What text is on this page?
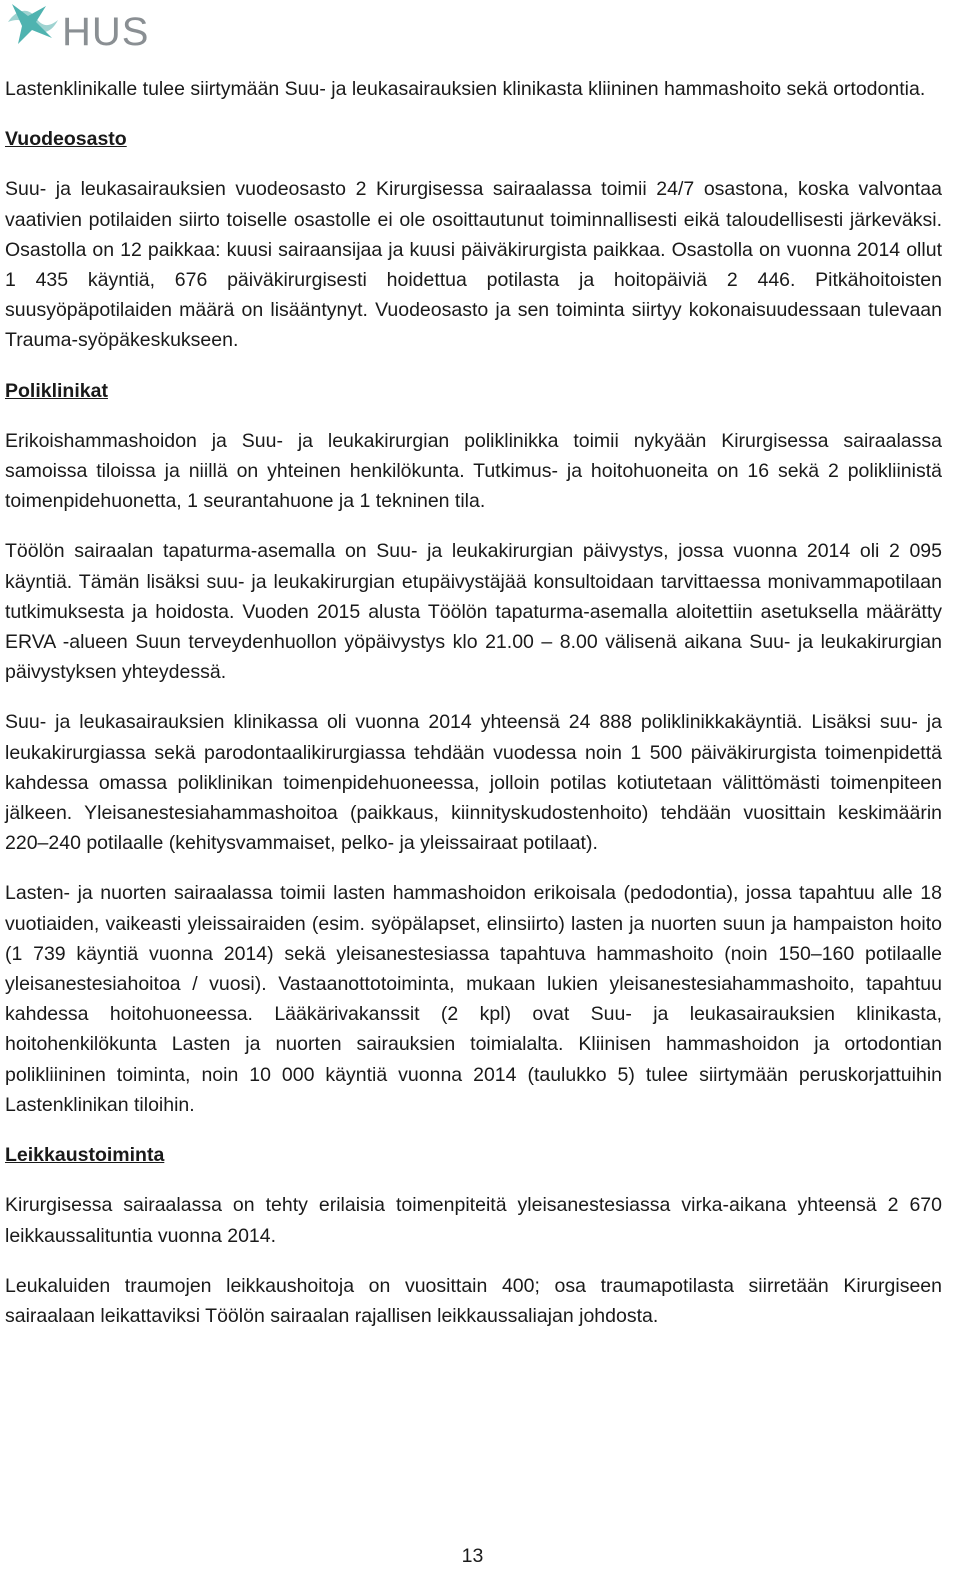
HUS

Lastenklinikalle tulee siirtymään Suu- ja leukasairauksien klinikasta kliininen hammashoito sekä ortodontia.

Vuodeosasto

Suu- ja leukasairauksien vuodeosasto 2 Kirurgisessa sairaalassa toimii 24/7 osastona, koska valvontaa vaativien potilaiden siirto toiselle osastolle ei ole osoittautunut toiminnallisesti eikä taloudellisesti järkeväksi. Osastolla on 12 paikkaa: kuusi sairaansijaa ja kuusi päiväkirurgista paikkaa. Osastolla on vuonna 2014 ollut 1 435 käyntiä, 676 päiväkirurgisesti hoidettua potilasta ja hoitopäiviä 2 446. Pitkähoitoisten suusyöpäpotilaiden määrä on lisääntynyt. Vuodeosasto ja sen toiminta siirtyy kokonaisuudessaan tulevaan Trauma-syöpäkeskukseen.

Poliklinikat

Erikoishammashoidon ja Suu- ja leukakirurgian poliklinikka toimii nykyään Kirurgisessa sairaalassa samoissa tiloissa ja niillä on yhteinen henkilökunta. Tutkimus- ja hoitohuoneita on 16 sekä 2 polikliinistä toimenpidehuonetta, 1 seurantahuone ja 1 tekninen tila.

Töölön sairaalan tapaturma-asemalla on Suu- ja leukakirurgian päivystys, jossa vuonna 2014 oli 2 095 käyntiä. Tämän lisäksi suu- ja leukakirurgian etupäivystäjää konsultoidaan tarvittaessa monivammapotilaan tutkimuksesta ja hoidosta. Vuoden 2015 alusta Töölön tapaturma-asemalla aloitettiin asetuksella määrätty ERVA -alueen Suun terveydenhuollon yöpäivystys klo 21.00 – 8.00 välisenä aikana Suu- ja leukakirurgian päivystyksen yhteydessä.

Suu- ja leukasairauksien klinikassa oli vuonna 2014 yhteensä 24 888 poliklinikkakäyntiä. Lisäksi suu- ja leukakirurgiassa sekä parodontaalikirurgiassa tehdään vuodessa noin 1 500 päiväkirurgista toimenpidettä kahdessa omassa poliklinikan toimenpidehuoneessa, jolloin potilas kotiutetaan välittömästi toimenpiteen jälkeen. Yleisanestesiahammashoitoa (paikkaus, kiinnityskudostenhoito) tehdään vuosittain keskimäärin 220–240 potilaalle (kehitysvammaiset, pelko- ja yleissairaat potilaat).

Lasten- ja nuorten sairaalassa toimii lasten hammashoidon erikoisala (pedodontia), jossa tapahtuu alle 18 vuotiaiden, vaikeasti yleissairaiden (esim. syöpälapset, elinsiirto) lasten ja nuorten suun ja hampaiston hoito (1 739 käyntiä vuonna 2014) sekä yleisanestesiassa tapahtuva hammashoito (noin 150–160 potilaalle yleisanestesiahoitoa / vuosi). Vastaanottotoiminta, mukaan lukien yleisanestesiahammashoito, tapahtuu kahdessa hoitohuoneessa. Lääkärivakanssit (2 kpl) ovat Suu- ja leukasairauksien klinikasta, hoitohenkilökunta Lasten ja nuorten sairauksien toimialalta. Kliinisen hammashoidon ja ortodontian polikliininen toiminta, noin 10 000 käyntiä vuonna 2014 (taulukko 5) tulee siirtymään peruskorjattuihin Lastenklinikan tiloihin.

Leikkaustoiminta

Kirurgisessa sairaalassa on tehty erilaisia toimenpiteitä yleisanestesiassa virka-aikana yhteensä 2 670 leikkaussalituntia vuonna 2014.

Leukaluiden traumojen leikkaushoitoja on vuosittain 400; osa traumapotilasta siirretään Kirurgiseen sairaalaan leikattaviksi Töölön sairaalan rajallisen leikkaussaliajan johdosta.

13
